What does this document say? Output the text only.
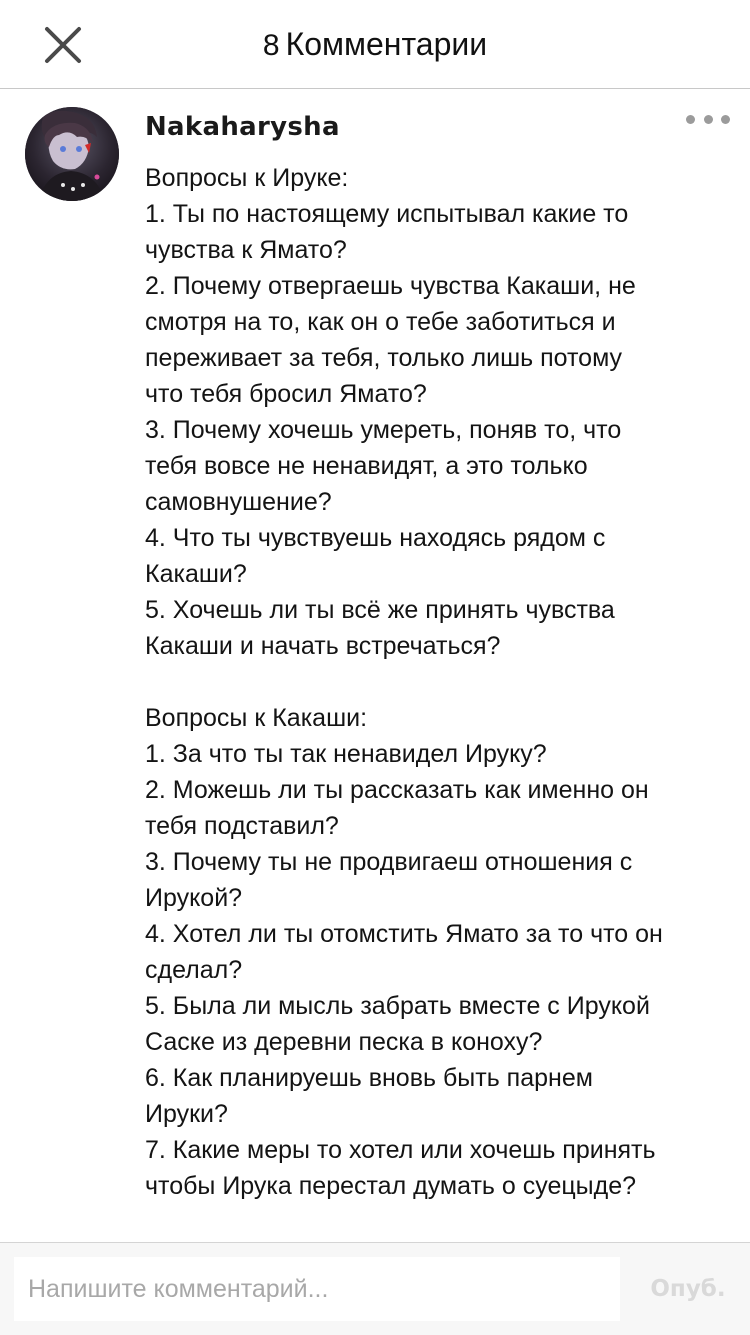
8 Комментарии
Nakaharysha
Вопросы к Ируке:
1. Ты по настоящему испытывал какие то
чувства к Ямато?
2. Почему отвергаешь чувства Какаши, не
смотря на то, как он о тебе заботиться и
переживает за тебя, только лишь потому
что тебя бросил Ямато?
3. Почему хочешь умереть, поняв то, что
тебя вовсе не ненавидят, а это только
самовнушение?
4. Что ты чувствуешь находясь рядом с
Какаши?
5. Хочешь ли ты всё же принять чувства
Какаши и начать встречаться?
Вопросы к Какаши:
1. За что ты так ненавидел Ируку?
2. Можешь ли ты рассказать как именно он
тебя подставил?
3. Почему ты не продвигаеш отношения с
Ирукой?
4. Хотел ли ты отомстить Ямато за то что он
сделал?
5. Была ли мысль забрать вместе с Ирукой
Саске из деревни песка в коноху?
6. Как планируешь вновь быть парнем
Ируки?
7. Какие меры то хотел или хочешь принять
чтобы Ирука перестал думать о суецыде?
Напишите комментарий...
Опуб.
